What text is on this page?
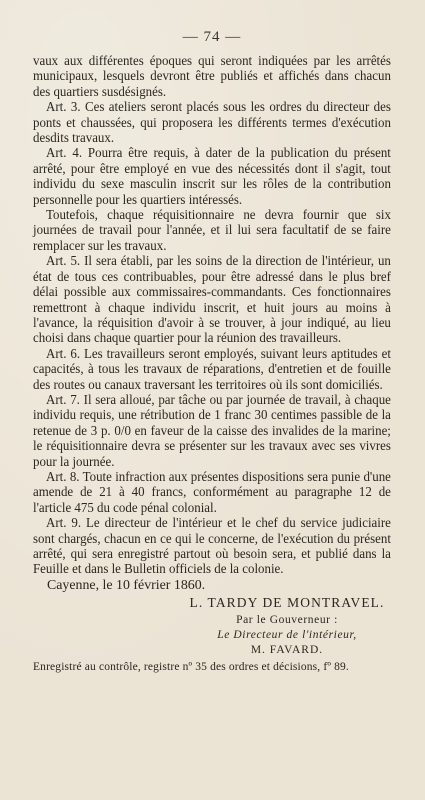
— 74 —

vaux aux différentes époques qui seront indiquées par les arrêtés municipaux, lesquels devront être publiés et affichés dans chacun des quartiers susdésignés.

Art. 3. Ces ateliers seront placés sous les ordres du directeur des ponts et chaussées, qui proposera les différents termes d'exécution desdits travaux.

Art. 4. Pourra être requis, à dater de la publication du présent arrêté, pour être employé en vue des nécessités dont il s'agit, tout individu du sexe masculin inscrit sur les rôles de la contribution personnelle pour les quartiers intéressés.

Toutefois, chaque réquisitionnaire ne devra fournir que six journées de travail pour l'année, et il lui sera facultatif de se faire remplacer sur les travaux.

Art. 5. Il sera établi, par les soins de la direction de l'intérieur, un état de tous ces contribuables, pour être adressé dans le plus bref délai possible aux commissaires-commandants. Ces fonctionnaires remettront à chaque individu inscrit, et huit jours au moins à l'avance, la réquisition d'avoir à se trouver, à jour indiqué, au lieu choisi dans chaque quartier pour la réunion des travailleurs.

Art. 6. Les travailleurs seront employés, suivant leurs aptitudes et capacités, à tous les travaux de réparations, d'entretien et de fouille des routes ou canaux traversant les territoires où ils sont domiciliés.

Art. 7. Il sera alloué, par tâche ou par journée de travail, à chaque individu requis, une rétribution de 1 franc 30 centimes passible de la retenue de 3 p. 0/0 en faveur de la caisse des invalides de la marine; le réquisitionnaire devra se présenter sur les travaux avec ses vivres pour la journée.

Art. 8. Toute infraction aux présentes dispositions sera punie d'une amende de 21 à 40 francs, conformément au paragraphe 12 de l'article 475 du code pénal colonial.

Art. 9. Le directeur de l'intérieur et le chef du service judiciaire sont chargés, chacun en ce qui le concerne, de l'exécution du présent arrêté, qui sera enregistré partout où besoin sera, et publié dans la Feuille et dans le Bulletin officiels de la colonie.

Cayenne, le 10 février 1860.
L. TARDY DE MONTRAVEL.
Par le Gouverneur :
Le Directeur de l'intérieur,
M. FAVARD.
Enregistré au contrôle, registre nº 35 des ordres et décisions, fº 89.
